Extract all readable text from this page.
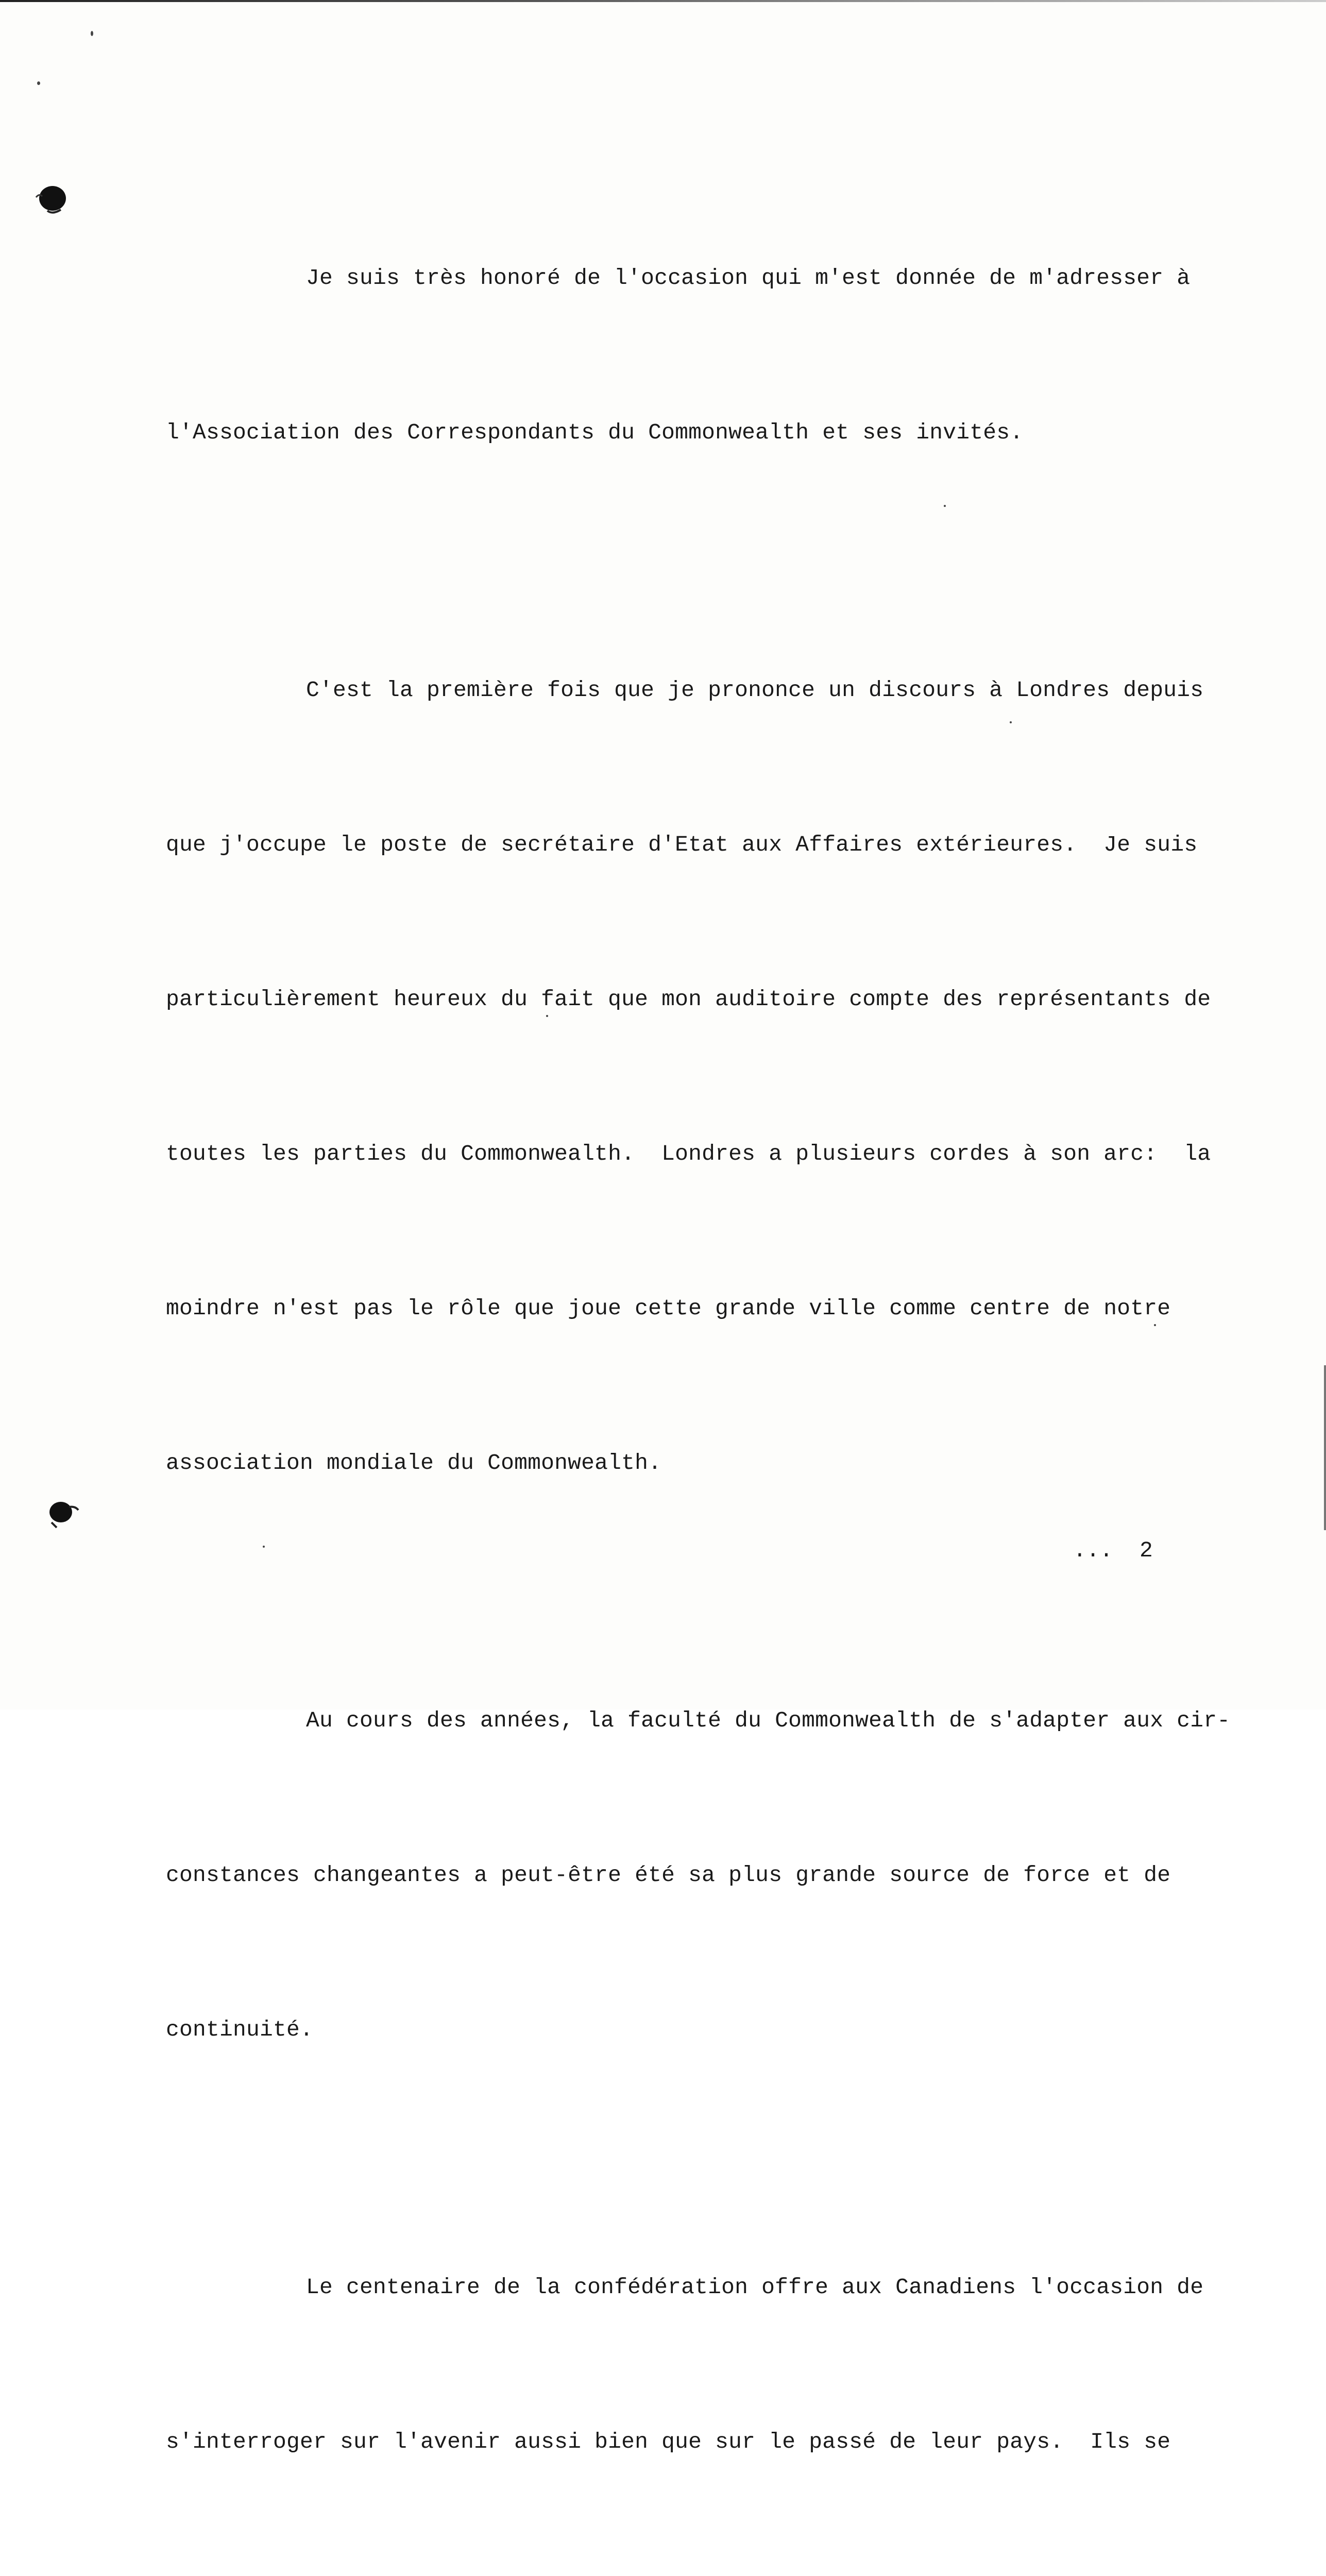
Je suis très honoré de l'occasion qui m'est donnée de m'adresser à

l'Association des Correspondants du Commonwealth et ses invités.

C'est la première fois que je prononce un discours à Londres depuis

que j'occupe le poste de secrétaire d'Etat aux Affaires extérieures.  Je suis

particulièrement heureux du fait que mon auditoire compte des représentants de

toutes les parties du Commonwealth.  Londres a plusieurs cordes à son arc:  la

moindre n'est pas le rôle que joue cette grande ville comme centre de notre

association mondiale du Commonwealth.

Au cours des années, la faculté du Commonwealth de s'adapter aux cir-

constances changeantes a peut-être été sa plus grande source de force et de

continuité.

Le centenaire de la confédération offre aux Canadiens l'occasion de

s'interroger sur l'avenir aussi bien que sur le passé de leur pays.  Ils se

...  2
